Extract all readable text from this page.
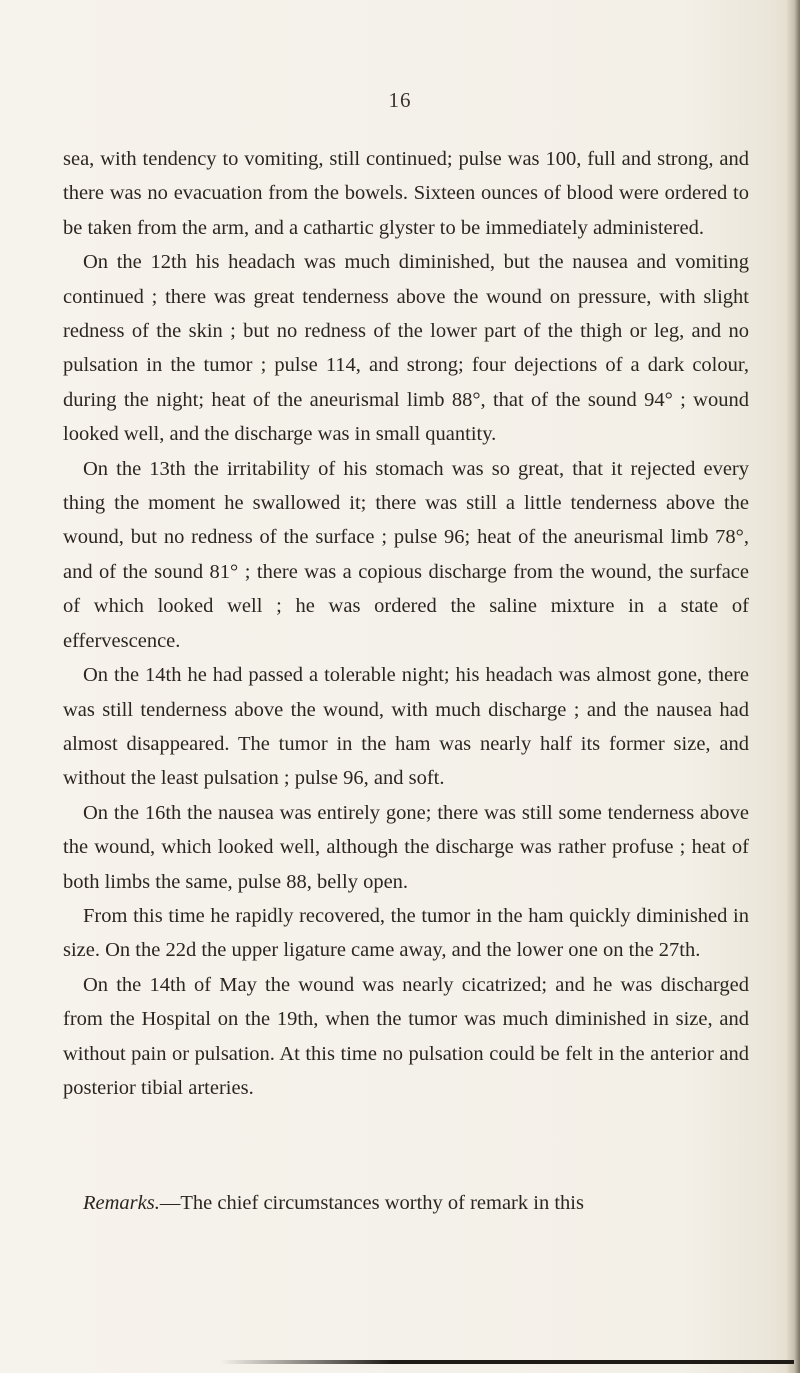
16

sea, with tendency to vomiting, still continued; pulse was 100, full and strong, and there was no evacuation from the bowels. Sixteen ounces of blood were ordered to be taken from the arm, and a cathartic glyster to be immediately administered.

On the 12th his headach was much diminished, but the nausea and vomiting continued ; there was great tenderness above the wound on pressure, with slight redness of the skin ; but no redness of the lower part of the thigh or leg, and no pulsation in the tumor ; pulse 114, and strong; four dejections of a dark colour, during the night; heat of the aneurismal limb 88°, that of the sound 94° ; wound looked well, and the discharge was in small quantity.

On the 13th the irritability of his stomach was so great, that it rejected every thing the moment he swallowed it; there was still a little tenderness above the wound, but no redness of the surface ; pulse 96; heat of the aneurismal limb 78°, and of the sound 81° ; there was a copious discharge from the wound, the surface of which looked well ; he was ordered the saline mixture in a state of effervescence.

On the 14th he had passed a tolerable night; his headach was almost gone, there was still tenderness above the wound, with much discharge ; and the nausea had almost disappeared. The tumor in the ham was nearly half its former size, and without the least pulsation ; pulse 96, and soft.

On the 16th the nausea was entirely gone; there was still some tenderness above the wound, which looked well, although the discharge was rather profuse ; heat of both limbs the same, pulse 88, belly open.

From this time he rapidly recovered, the tumor in the ham quickly diminished in size. On the 22d the upper ligature came away, and the lower one on the 27th.

On the 14th of May the wound was nearly cicatrized; and he was discharged from the Hospital on the 19th, when the tumor was much diminished in size, and without pain or pulsation. At this time no pulsation could be felt in the anterior and posterior tibial arteries.

Remarks.—The chief circumstances worthy of remark in this
